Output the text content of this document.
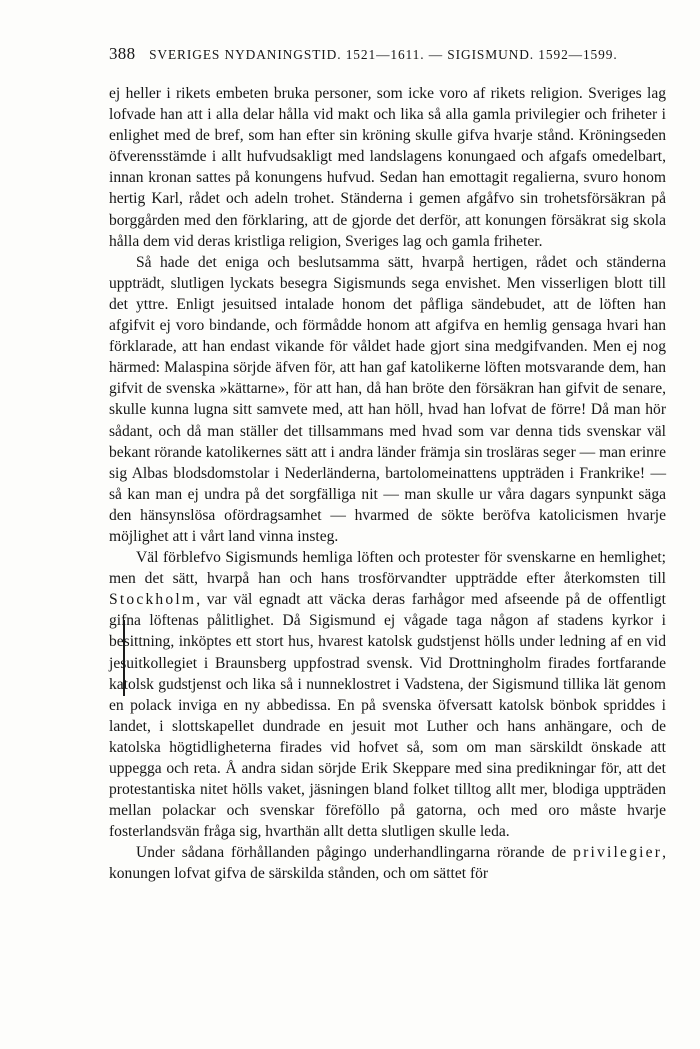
388 SVERIGES NYDANINGSTID. 1521—1611. — SIGISMUND. 1592—1599.

ej heller i rikets embeten bruka personer, som icke voro af rikets religion. Sveriges lag lofvade han att i alla delar hålla vid makt och lika så alla gamla privilegier och friheter i enlighet med de bref, som han efter sin kröning skulle gifva hvarje stånd. Kröningseden öfverensstämde i allt hufvudsakligt med landslagens konungaed och afgafs omedelbart, innan kronan sattes på konungens hufvud. Sedan han emottagit regalierna, svuro honom hertig Karl, rådet och adeln trohet. Ständerna i gemen afgåfvo sin trohetsförsäkran på borggården med den förklaring, att de gjorde det derför, att konungen försäkrat sig skola hålla dem vid deras kristliga religion, Sveriges lag och gamla friheter.

Så hade det eniga och beslutsamma sätt, hvarpå hertigen, rådet och ständerna uppträdt, slutligen lyckats besegra Sigismunds sega envishet. Men visserligen blott till det yttre. Enligt jesuitsed intalade honom det påfliga sändebudet, att de löften han afgifvit ej voro bindande, och förmådde honom att afgifva en hemlig gensaga hvari han förklarade, att han endast vikande för våldet hade gjort sina medgifvanden. Men ej nog härmed: Malaspina sörjde äfven för, att han gaf katolikerne löften motsvarande dem, han gifvit de svenska »kättarne», för att han, då han bröte den försäkran han gifvit de senare, skulle kunna lugna sitt samvete med, att han höll, hvad han lofvat de förre! Då man hör sådant, och då man ställer det tillsammans med hvad som var denna tids svenskar väl bekant rörande katolikernes sätt att i andra länder främja sin trosläras seger — man erinre sig Albas blodsdomstolar i Nederländerna, bartolomeinattens uppträden i Frankrike! — så kan man ej undra på det sorgfälliga nit — man skulle ur våra dagars synpunkt säga den hänsynslösa ofördragsamhet — hvarmed de sökte beröfva katolicismen hvarje möjlighet att i vårt land vinna insteg.

Väl förblefvo Sigismunds hemliga löften och protester för svenskarne en hemlighet; men det sätt, hvarpå han och hans trosförvandter uppträdde efter återkomsten till Stockholm, var väl egnadt att väcka deras farhågor med afseende på de offentligt gifna löftenas pålitlighet. Då Sigismund ej vågade taga någon af stadens kyrkor i besittning, inköptes ett stort hus, hvarest katolsk gudstjenst hölls under ledning af en vid jesuitkollegiet i Braunsberg uppfostrad svensk. Vid Drottningholm firades fortfarande katolsk gudstjenst och lika så i nunneklostret i Vadstena, der Sigismund tillika lät genom en polack inviga en ny abbedissa. En på svenska öfversatt katolsk bönbok spriddes i landet, i slottskapellet dundrade en jesuit mot Luther och hans anhängare, och de katolska högtidligheterna firades vid hofvet så, som om man särskildt önskade att uppegga och reta. Å andra sidan sörjde Erik Skeppare med sina predikningar för, att det protestantiska nitet hölls vaket, jäsningen bland folket tilltog allt mer, blodiga uppträden mellan polackar och svenskar föreföllo på gatorna, och med oro måste hvarje fosterlandsvän fråga sig, hvarthän allt detta slutligen skulle leda.

Under sådana förhållanden pågingo underhandlingarna rörande de privilegier, konungen lofvat gifva de särskilda stånden, och om sättet för
